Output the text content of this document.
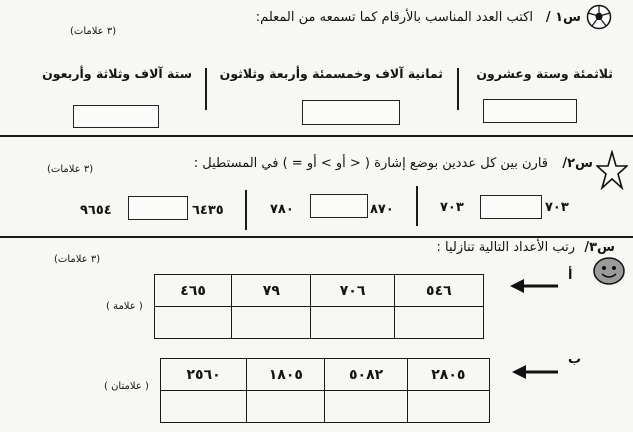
س١ /
اكتب العدد المناسب بالأرقام كما تسمعه من المعلم:
(٣ علامات)
ثلاثمئة وستة وعشرون
ثمانية آلاف وخمسمئة وأربعة وثلاثون
ستة آلاف وثلاثة وأربعون
س٢/
قارن بين كل عددين بوضع إشارة ( < أو > أو = ) في المستطيل :
(٣ علامات)
٧٠٣
٧٠٣
٨٧٠
٧٨٠
٦٤٣٥
٩٦٥٤
س٣/
رتب الأعداد التالية تنازليا :
(٣ علامات)
أ
٤٦٥	٧٩	٧٠٦	٥٤٦

( علامة )
ب
٢٥٦٠	١٨٠٥	٥٠٨٢	٢٨٠٥

( علامتان )
